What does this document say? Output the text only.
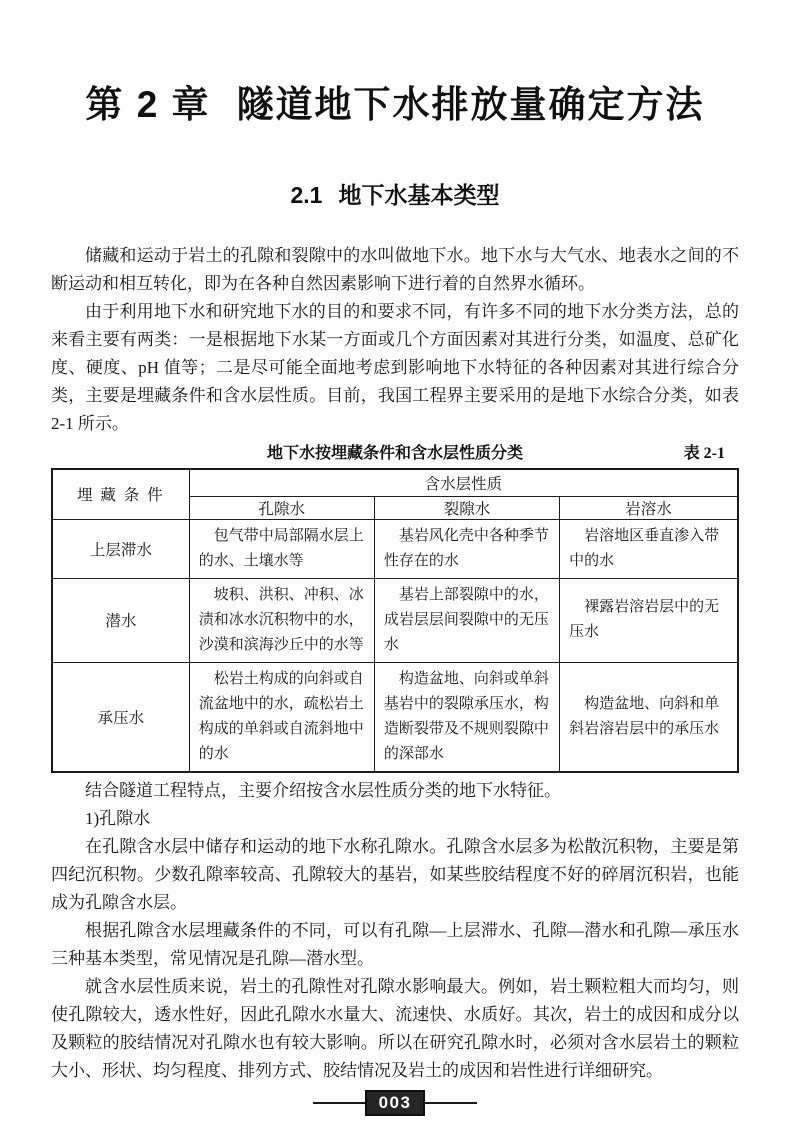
第 2 章 隧道地下水排放量确定方法
2.1 地下水基本类型

储藏和运动于岩土的孔隙和裂隙中的水叫做地下水。地下水与大气水、地表水之间的不断运动和相互转化，即为在各种自然因素影响下进行着的自然界水循环。

由于利用地下水和研究地下水的目的和要求不同，有许多不同的地下水分类方法，总的来看主要有两类：一是根据地下水某一方面或几个方面因素对其进行分类，如温度、总矿化度、硬度、pH 值等；二是尽可能全面地考虑到影响地下水特征的各种因素对其进行综合分类，主要是埋藏条件和含水层性质。目前，我国工程界主要采用的是地下水综合分类，如表 2-1 所示。

地下水按埋藏条件和含水层性质分类	表 2-1
埋 藏 条 件	含水层性质		
	孔隙水	裂隙水	岩溶水
上层滞水	包气带中局部隔水层上的水、土壤水等	基岩风化壳中各种季节性存在的水	岩溶地区垂直渗入带中的水
潜水	坡积、洪积、冲积、冰渍和冰水沉积物中的水，沙漠和滨海沙丘中的水等	基岩上部裂隙中的水，成岩层层间裂隙中的无压水	裸露岩溶岩层中的无压水
承压水	松岩土构成的向斜或自流盆地中的水，疏松岩土构成的单斜或自流斜地中的水	构造盆地、向斜或单斜基岩中的裂隙承压水，构造断裂带及不规则裂隙中的深部水	构造盆地、向斜和单斜岩溶岩层中的承压水

结合隧道工程特点，主要介绍按含水层性质分类的地下水特征。

1)孔隙水

在孔隙含水层中储存和运动的地下水称孔隙水。孔隙含水层多为松散沉积物，主要是第四纪沉积物。少数孔隙率较高、孔隙较大的基岩，如某些胶结程度不好的碎屑沉积岩，也能成为孔隙含水层。

根据孔隙含水层埋藏条件的不同，可以有孔隙—上层滞水、孔隙—潜水和孔隙—承压水三种基本类型，常见情况是孔隙—潜水型。

就含水层性质来说，岩土的孔隙性对孔隙水影响最大。例如，岩土颗粒粗大而均匀，则使孔隙较大，透水性好，因此孔隙水水量大、流速快、水质好。其次，岩土的成因和成分以及颗粒的胶结情况对孔隙水也有较大影响。所以在研究孔隙水时，必须对含水层岩土的颗粒大小、形状、均匀程度、排列方式、胶结情况及岩土的成因和岩性进行详细研究。

003
